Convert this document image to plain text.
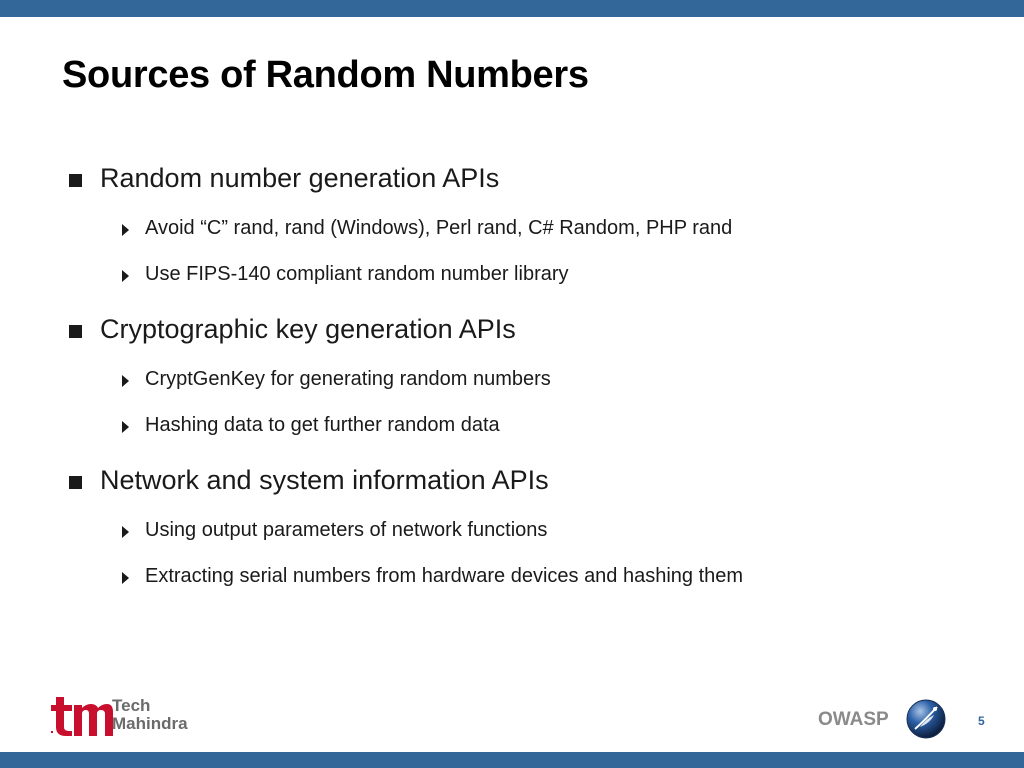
Sources of Random Numbers
Random number generation APIs
Avoid “C” rand, rand (Windows), Perl rand, C# Random, PHP rand
Use FIPS-140 compliant random number library
Cryptographic key generation APIs
CryptGenKey for generating random numbers
Hashing data to get further random data
Network and system information APIs
Using output parameters of network functions
Extracting serial numbers from hardware devices and hashing them
Tech
Mahindra	OWASP	5
